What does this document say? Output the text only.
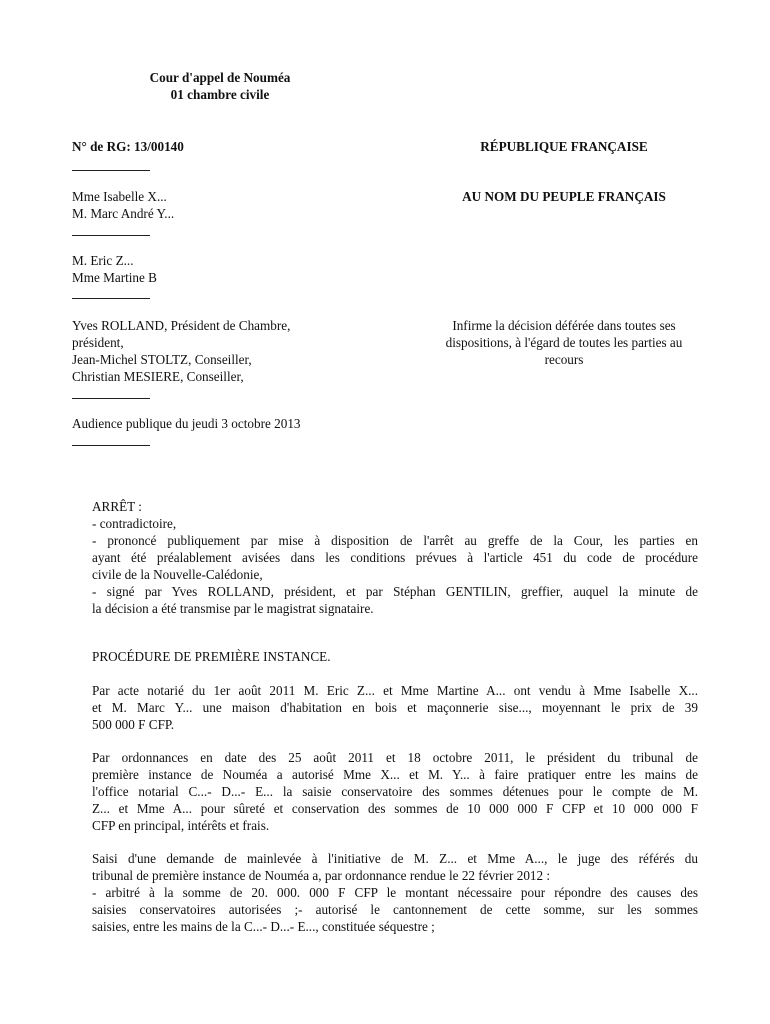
Cour d'appel de Nouméa
01 chambre civile
N° de RG: 13/00140	RÉPUBLIQUE FRANÇAISE
Mme Isabelle X...
M. Marc André Y...
AU NOM DU PEUPLE FRANÇAIS
M. Eric Z...
Mme Martine B
Yves ROLLAND, Président de Chambre,
président,
Jean-Michel STOLTZ, Conseiller,
Christian MESIERE, Conseiller,
Infirme la décision déférée dans toutes ses
dispositions, à l'égard de toutes les parties au
recours
Audience publique du jeudi 3 octobre 2013
ARRÊT :
- contradictoire,
- prononcé publiquement par mise à disposition de l'arrêt au greffe de la Cour, les parties en
ayant été préalablement avisées dans les conditions prévues à l'article 451 du code de procédure
civile de la Nouvelle-Calédonie,
- signé par Yves ROLLAND, président, et par Stéphan GENTILIN, greffier, auquel la minute de
la décision a été transmise par le magistrat signataire.
PROCÉDURE DE PREMIÈRE INSTANCE.
Par acte notarié du 1er août 2011 M. Eric Z... et Mme Martine A... ont vendu à Mme Isabelle X...
et M. Marc Y... une maison d'habitation en bois et maçonnerie sise..., moyennant le prix de 39
500 000 F CFP.
Par ordonnances en date des 25 août 2011 et 18 octobre 2011, le président du tribunal de
première instance de Nouméa a autorisé Mme X... et M. Y... à faire pratiquer entre les mains de
l'office notarial C...- D...- E... la saisie conservatoire des sommes détenues pour le compte de M.
Z... et Mme A... pour sûreté et conservation des sommes de 10 000 000 F CFP et 10 000 000 F
CFP en principal, intérêts et frais.
Saisi d'une demande de mainlevée à l'initiative de M. Z... et Mme A..., le juge des référés du
tribunal de première instance de Nouméa a, par ordonnance rendue le 22 février 2012 :
- arbitré à la somme de 20. 000. 000 F CFP le montant nécessaire pour répondre des causes des
saisies conservatoires autorisées ;- autorisé le cantonnement de cette somme, sur les sommes
saisies, entre les mains de la C...- D...- E..., constituée séquestre ;
